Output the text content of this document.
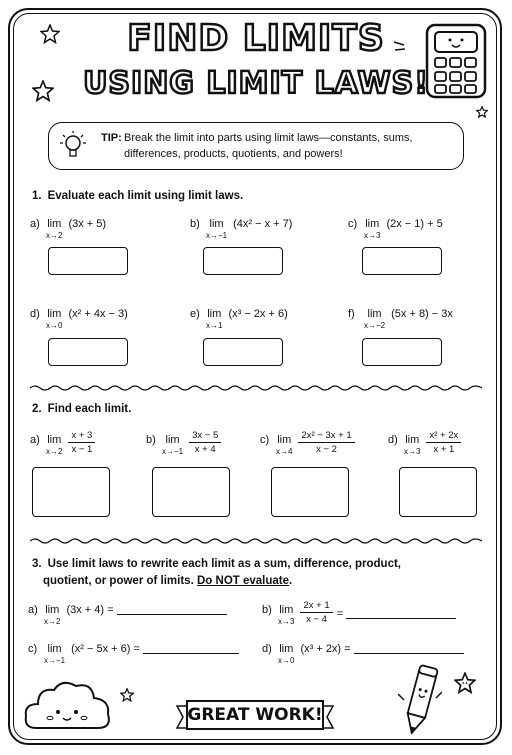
FIND LIMITS
USING LIMIT LAWS!
TIP: Break the limit into parts using limit laws—constants, sums, differences, products, quotients, and powers!
1. Evaluate each limit using limit laws.
a) lim
x→2
(3x + 5)	b) lim
x→−1
(4x² − x + 7)	c) lim
x→3
(2x − 1) + 5
d) lim
x→0
(x² + 4x − 3)	e) lim
x→1
(x³ − 2x + 6)	f)	lim
x→−2
(5x + 8) − 3x
2. Find each limit.
a) lim
$x\to 2 \frac{x + 3}{x - 1}$	b) lim
$x\to-1 \frac{3x - 5}{x + 4}$	c) lim
$x\to 4 \frac{\text{2x² − 3x + 1}}{x - 2}$	d) lim
$x\to 3 \frac{\text{x² + 2x}}{x + 1}$
3. Use limit laws to rewrite each limit as a sum, difference, product,
quotient, or power of limits. Do NOT evaluate.
a) lim
x→2
(3x + 4) =	b) lim
$x\to 3 \frac{2x + 1}{x - 4}$ =
c) lim
x→−1
(x² − 5x + 6) =	d) lim
x→0
(x³ + 2x) =
GREAT WORK!
